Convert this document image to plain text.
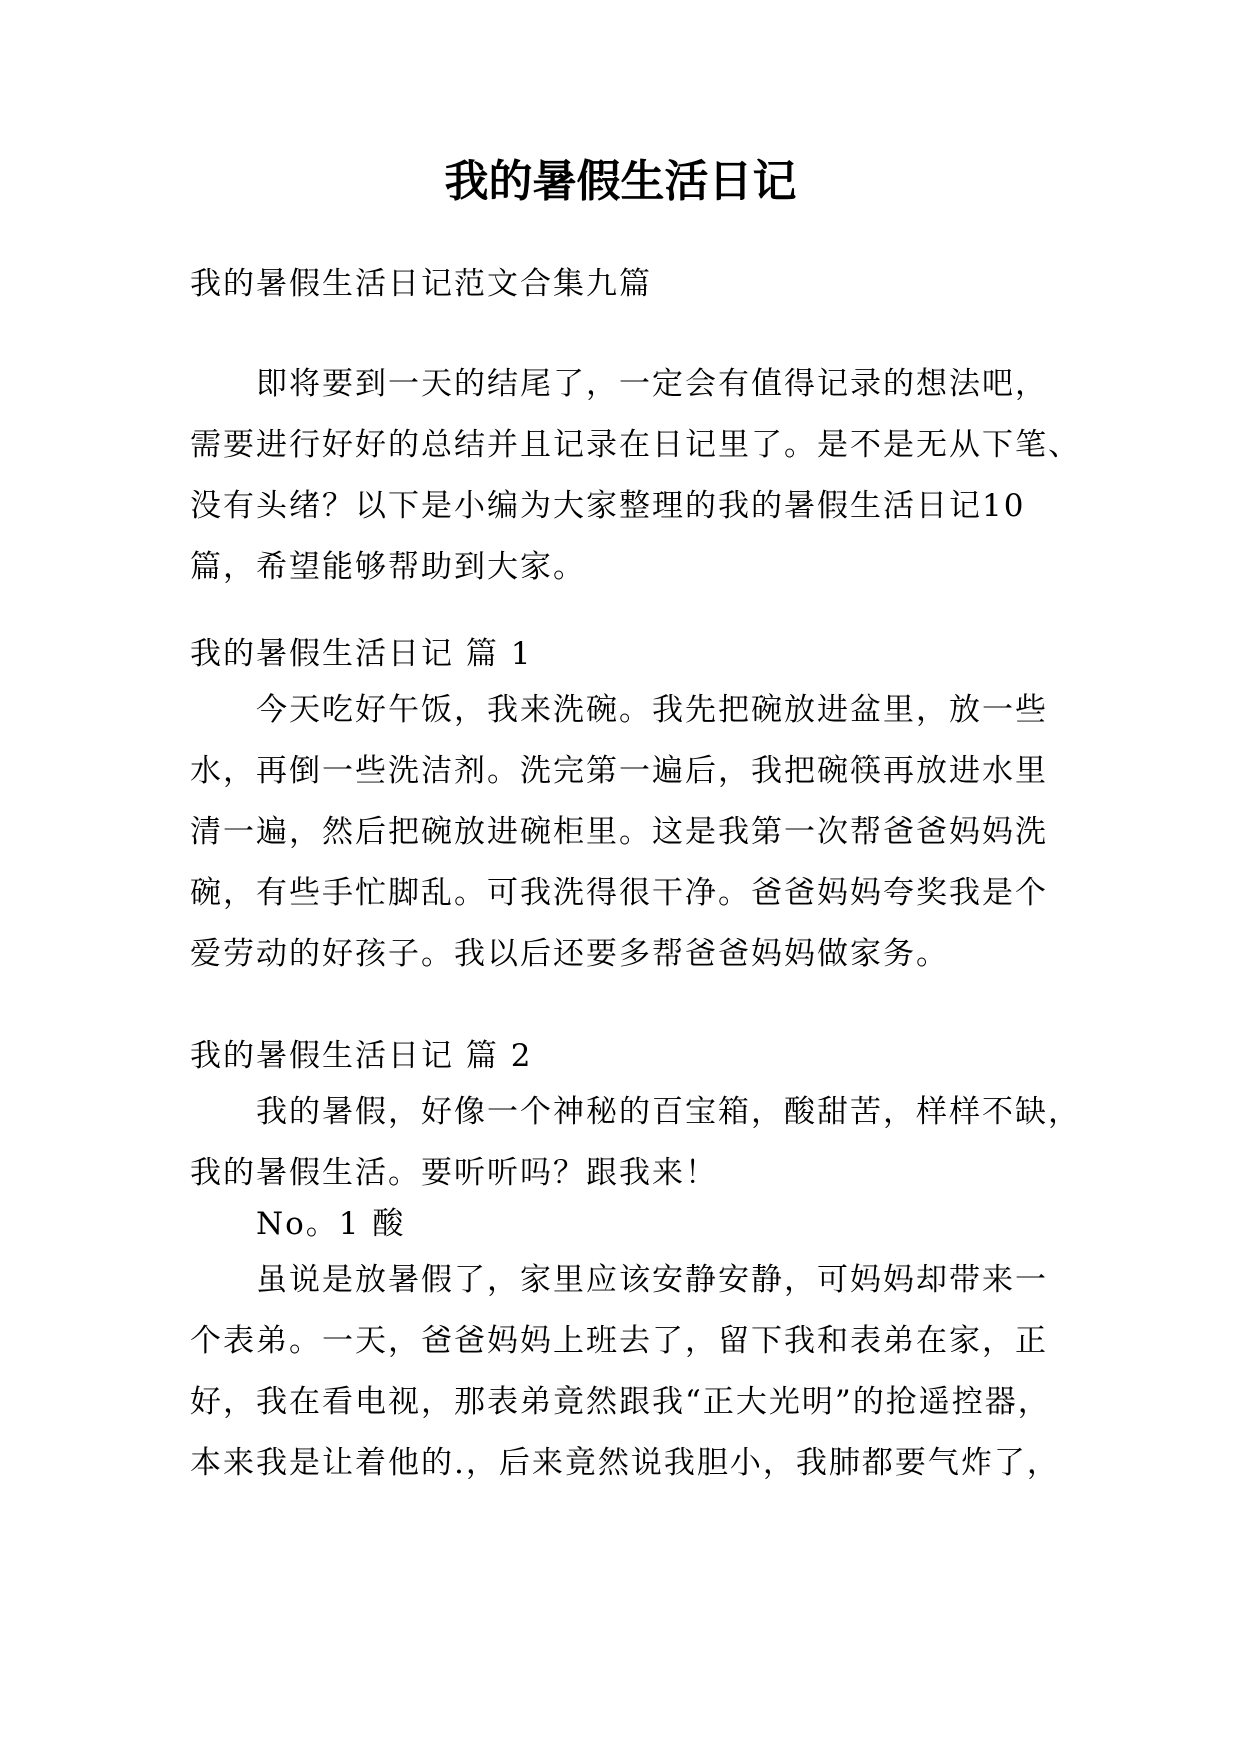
我的暑假生活日记

我的暑假生活日记范文合集九篇

即将要到一天的结尾了，一定会有值得记录的想法吧，
需要进行好好的总结并且记录在日记里了。是不是无从下笔、
没有头绪？以下是小编为大家整理的我的暑假生活日记10
篇，希望能够帮助到大家。

我的暑假生活日记 篇 1

今天吃好午饭，我来洗碗。我先把碗放进盆里，放一些
水，再倒一些洗洁剂。洗完第一遍后，我把碗筷再放进水里
清一遍，然后把碗放进碗柜里。这是我第一次帮爸爸妈妈洗
碗，有些手忙脚乱。可我洗得很干净。爸爸妈妈夸奖我是个
爱劳动的好孩子。我以后还要多帮爸爸妈妈做家务。

我的暑假生活日记 篇 2

我的暑假，好像一个神秘的百宝箱，酸甜苦，样样不缺，
我的暑假生活。要听听吗？跟我来！

No。1 酸

虽说是放暑假了，家里应该安静安静，可妈妈却带来一
个表弟。一天，爸爸妈妈上班去了，留下我和表弟在家，正
好，我在看电视，那表弟竟然跟我“正大光明”的抢遥控器，
本来我是让着他的.，后来竟然说我胆小，我肺都要气炸了，
